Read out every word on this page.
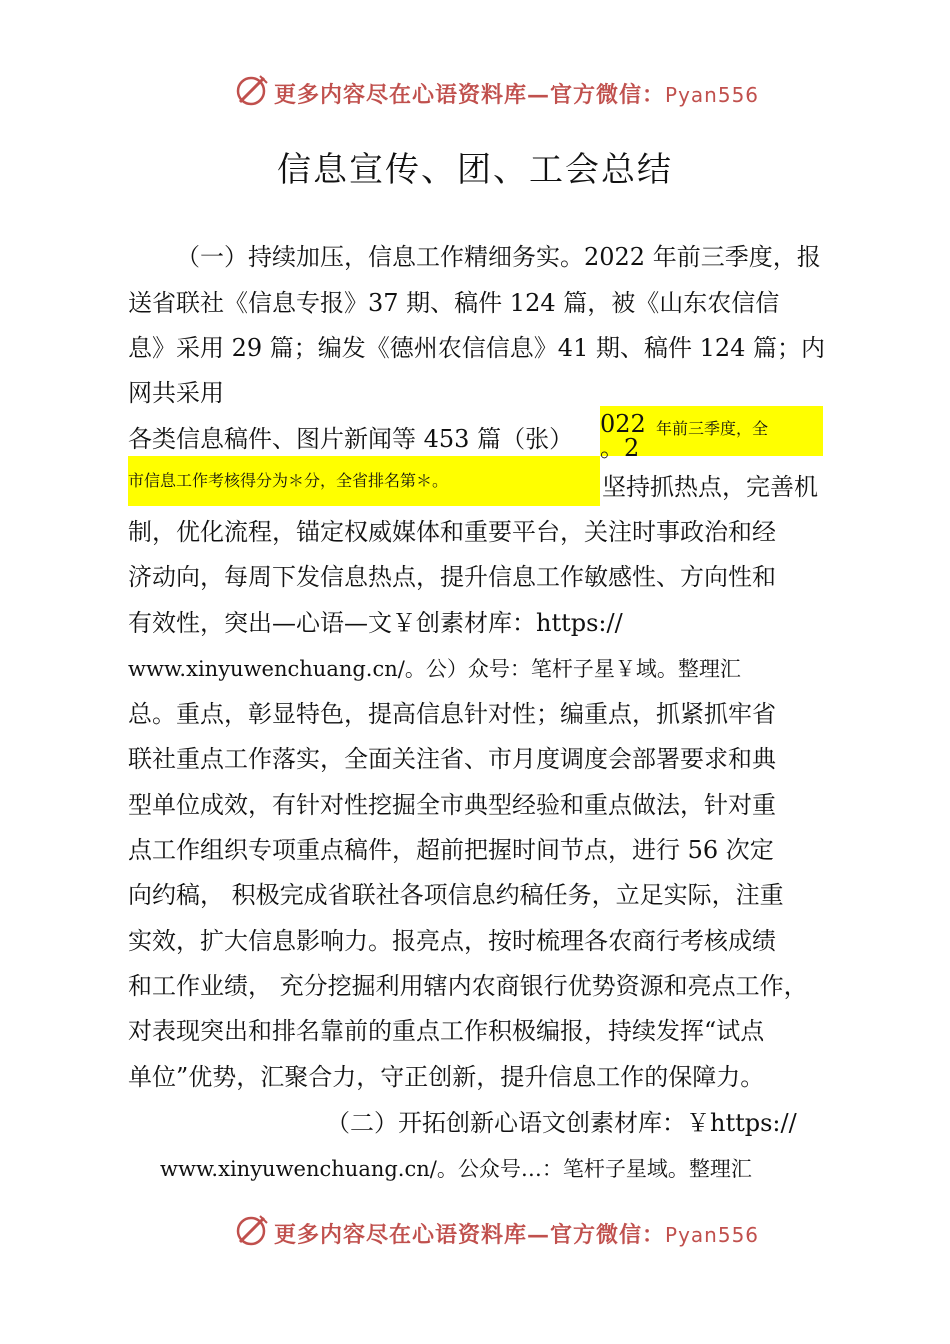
更多内容尽在心语资料库—官方微信：Pyan556
信息宣传、团、工会总结
（一）持续加压，信息工作精细务实。2022 年前三季度，报
送省联社《信息专报》37 期、稿件 124 篇，被《山东农信信
息》采用 29 篇；编发《德州农信信息》41 期、稿件 124 篇；内
网共采用
各类信息稿件、图片新闻等 453 篇（张）
022
。2
年前三季度，全
市信息工作考核得分为＊分，全省排名第＊。	坚持抓热点，完善机
制，优化流程，锚定权威媒体和重要平台，关注时事政治和经
济动向，每周下发信息热点，提升信息工作敏感性、方向性和
有效性，突出—心语—文￥创素材库：https://
www.xinyuwenchuang.cn/。公）众号：笔杆子星￥域。整理汇
总。重点，彰显特色，提高信息针对性；编重点，抓紧抓牢省
联社重点工作落实，全面关注省、市月度调度会部署要求和典
型单位成效，有针对性挖掘全市典型经验和重点做法，针对重
点工作组织专项重点稿件，超前把握时间节点，进行 56 次定
向约稿， 积极完成省联社各项信息约稿任务，立足实际，注重
实效，扩大信息影响力。报亮点，按时梳理各农商行考核成绩
和工作业绩， 充分挖掘利用辖内农商银行优势资源和亮点工作，
对表现突出和排名靠前的重点工作积极编报，持续发挥“试点
单位”优势，汇聚合力，守正创新，提升信息工作的保障力。
（二）开拓创新心语文创素材库：￥https://
www.xinyuwenchuang.cn/。公众号…：笔杆子星域。整理汇
更多内容尽在心语资料库—官方微信：Pyan556
